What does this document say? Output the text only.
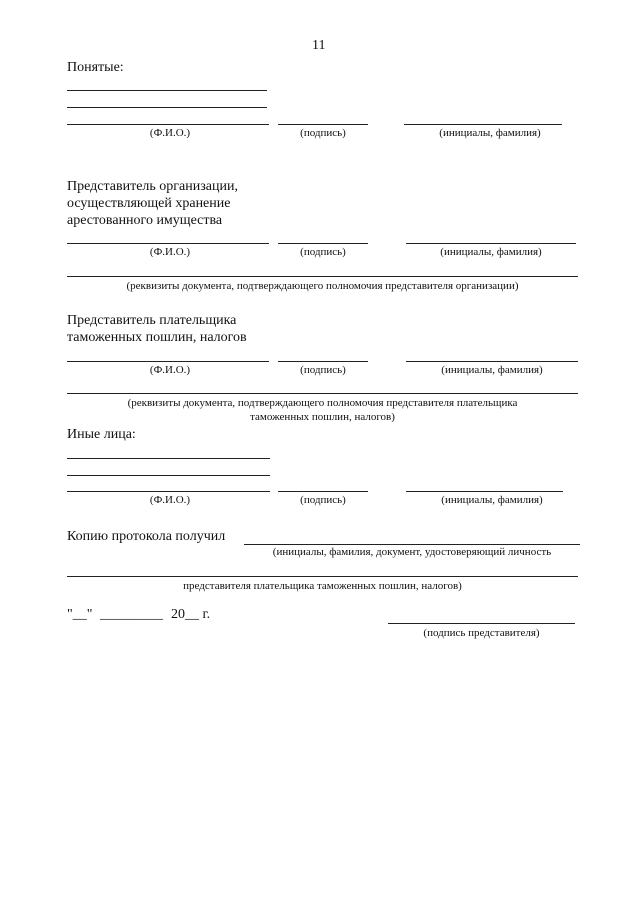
11
Понятые:
(Ф.И.О.)	(подпись)	(инициалы, фамилия)
Представитель организации,
осуществляющей хранение
арестованного имущества
(Ф.И.О.)	(подпись)	(инициалы, фамилия)
(реквизиты документа, подтверждающего полномочия представителя организации)
Представитель плательщика
таможенных пошлин, налогов
(Ф.И.О.)	(подпись)	(инициалы, фамилия)
(реквизиты документа, подтверждающего полномочия представителя плательщика
таможенных пошлин, налогов)
Иные лица:
(Ф.И.О.)	(подпись)	(инициалы, фамилия)
Копию протокола получил
(инициалы, фамилия, документ, удостоверяющий личность
представителя плательщика таможенных пошлин, налогов)
"__" _________ 20__ г.
(подпись представителя)
